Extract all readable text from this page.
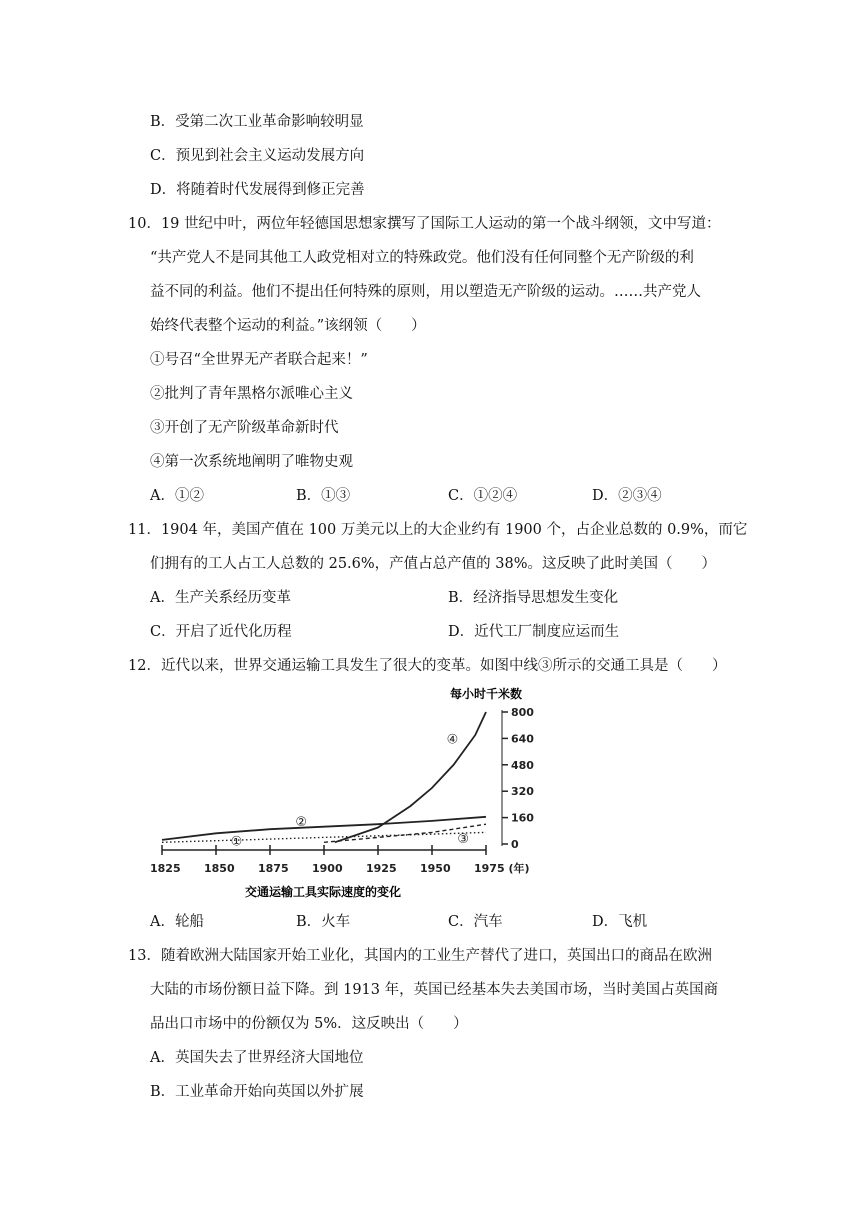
B．受第二次工业革命影响较明显
C．预见到社会主义运动发展方向
D．将随着时代发展得到修正完善
10．19 世纪中叶，两位年轻德国思想家撰写了国际工人运动的第一个战斗纲领，文中写道：
“共产党人不是同其他工人政党相对立的特殊政党。他们没有任何同整个无产阶级的利
益不同的利益。他们不提出任何特殊的原则，用以塑造无产阶级的运动。……共产党人
始终代表整个运动的利益。”该纲领（　　）
①号召“全世界无产者联合起来！”
②批判了青年黑格尔派唯心主义
③开创了无产阶级革命新时代
④第一次系统地阐明了唯物史观
A．①②	B．①③	C．①②④	D．②③④
11．1904 年，美国产值在 100 万美元以上的大企业约有 1900 个，占企业总数的 0.9%，而它
们拥有的工人占工人总数的 25.6%，产值占总产值的 38%。这反映了此时美国（　　）
A．生产关系经历变革	B．经济指导思想发生变化
C．开启了近代化历程	D．近代工厂制度应运而生
12．近代以来，世界交通运输工具发生了很大的变革。如图中线③所示的交通工具是（　　）
1825 1850 1875 1900 1925 1950 1975 (年)
0
160
320
480
640
800
①
②
③
④
每小时千米数
交通运输工具实际速度的变化
A．轮船	B．火车	C．汽车	D．飞机
13．随着欧洲大陆国家开始工业化，其国内的工业生产替代了进口，英国出口的商品在欧洲
大陆的市场份额日益下降。到 1913 年，英国已经基本失去美国市场，当时美国占英国商
品出口市场中的份额仅为 5%．这反映出（　　）
A．英国失去了世界经济大国地位
B．工业革命开始向英国以外扩展
